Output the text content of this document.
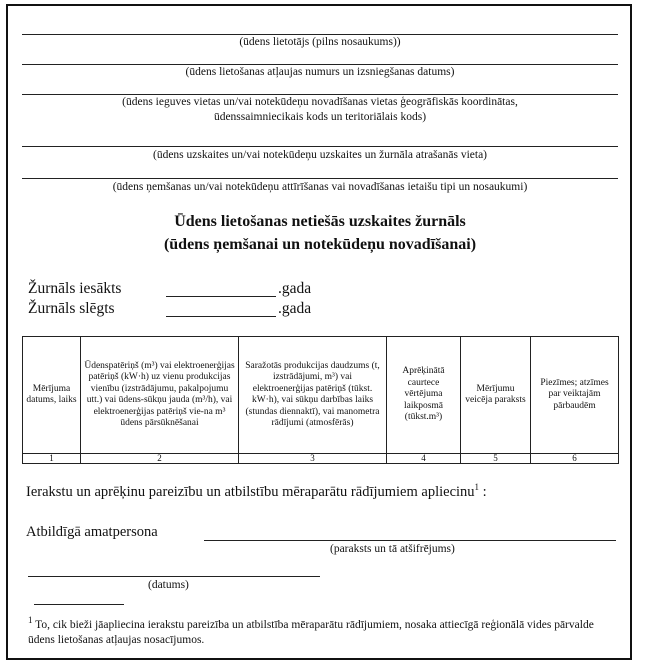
(ūdens lietotājs (pilns nosaukums))
(ūdens lietošanas atļaujas numurs un izsniegšanas datums)
(ūdens ieguves vietas un/vai notekūdeņu novadīšanas vietas ģeogrāfiskās koordinātas,
ūdenssaimniecikais kods un teritoriālais kods)
(ūdens uzskaites un/vai notekūdeņu uzskaites un žurnāla atrašanās vieta)
(ūdens ņemšanas un/vai notekūdeņu attīrīšanas vai novadīšanas ietaišu tipi un nosaukumi)
Ūdens lietošanas netiešās uzskaites žurnāls
(ūdens ņemšanai un notekūdeņu novadīšanai)
Žurnāls iesākts	.gada
Žurnāls slēgts	.gada
Mērījuma datums, laiks	Ūdenspatēriņš (m³) vai elektroenerģijas patēriņš (kW·h) uz vienu produkcijas vienību (izstrādājumu, pakalpojumu utt.) vai ūdens-sūkņu jauda (m³/h), vai elektroenerģijas patēriņš vie-na m³ ūdens pārsūknēšanai	Saražotās produkcijas daudzums (t, izstrādājumi, m³) vai elektroenerģijas patēriņš (tūkst. kW·h), vai sūkņu darbības laiks (stundas diennaktī), vai manometra rādījumi (atmosfērās)	Aprēķinātā caurtece vērtējuma laikposmā (tūkst.m³)	Mērījumu veicēja paraksts	Piezīmes; atzīmes par veiktajām pārbaudēm
1	2	3	4	5	6
Ierakstu un aprēķinu pareizību un atbilstību mēraparātu rādījumiem apliecinu$^1$ :
Atbildīgā amatpersona
(paraksts un tā atšifrējums)
(datums)
$^1$ To, cik bieži jāapliecina ierakstu pareizība un atbilstība mēraparātu rādījumiem, nosaka attiecīgā reģionālā vides pārvalde ūdens lietošanas atļaujas nosacījumos.
